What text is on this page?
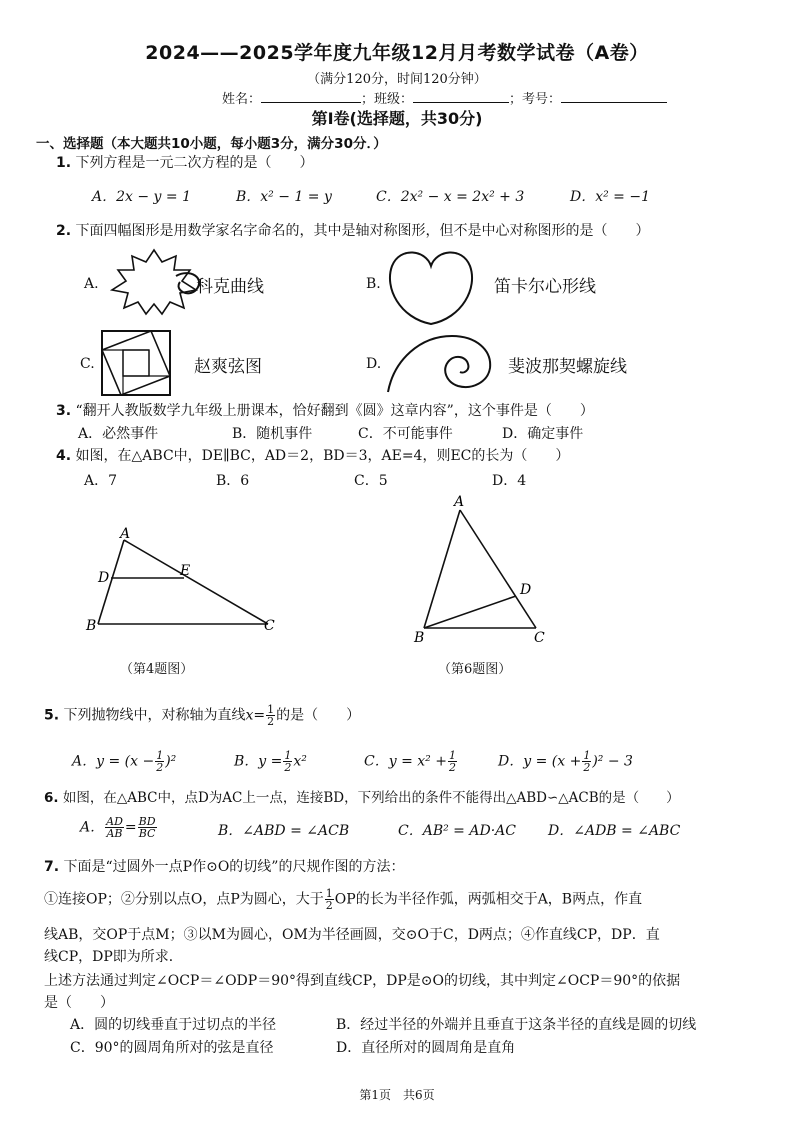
2024——2025学年度九年级12月月考数学试卷（A卷）
（满分120分，时间120分钟）
姓名：	；班级：	；考号：
第Ⅰ卷(选择题，共30分)
一、选择题（本大题共10小题，每小题3分，满分30分．）
1. 下列方程是一元二次方程的是（　　）
A．2x − y = 1	B．x² − 1 = y	C．2x² − x = 2x² + 3	D．x² = −1
2. 下面四幅图形是用数学家名字命名的，其中是轴对称图形，但不是中心对称图形的是（　　）
A.	科克曲线	B.	笛卡尔心形线
C.	赵爽弦图	D.	斐波那契螺旋线
3. “翻开人教版数学九年级上册课本，恰好翻到《圆》这章内容”，这个事件是（　　）
A．必然事件	B．随机事件	C．不可能事件	D．确定事件
4. 如图，在△ABC中，DE∥BC，AD＝2，BD＝3，AE=4，则EC的长为（　　）
A．7	B．6	C．5	D．4
A
D	E
B	C
（第4题图）
A
D
B	C
（第6题图）
5. 下列抛物线中，对称轴为直线$x= \frac{1}{2}$ 的是（　　）
A．$y = (x - \frac{1}{2} )^2$	B．$y = \frac{1}{2} x^2$	C．$y = x^2 + \frac{1}{2}$	D．$y = (x + \frac{1}{2} )^2 - 3$
6. 如图，在△ABC中，点D为AC上一点，连接BD，下列给出的条件不能得出△ABD∽△ACB的是（　　）
A． $\frac{AD}{AB} = \frac{BD}{BC}$	B．∠ABD = ∠ACB	C．AB² = AD·AC D．∠ADB = ∠ABC
7. 下面是“过圆外一点P作⊙O的切线”的尺规作图的方法：
①连接OP；②分别以点O，点P为圆心，大于 $\frac{1}{2}$ OP的长为半径作弧，两弧相交于A，B两点，作直
线AB，交OP于点M；③以M为圆心，OM为半径画圆，交⊙O于C，D两点；④作直线CP，DP．直
线CP，DP即为所求．
上述方法通过判定∠OCP＝∠ODP＝90°得到直线CP，DP是⊙O的切线，其中判定∠OCP＝90°的依据
是（　　）
A．圆的切线垂直于过切点的半径	B．经过半径的外端并且垂直于这条半径的直线是圆的切线
C．90°的圆周角所对的弦是直径	D．直径所对的圆周角是直角
第1页　共6页
